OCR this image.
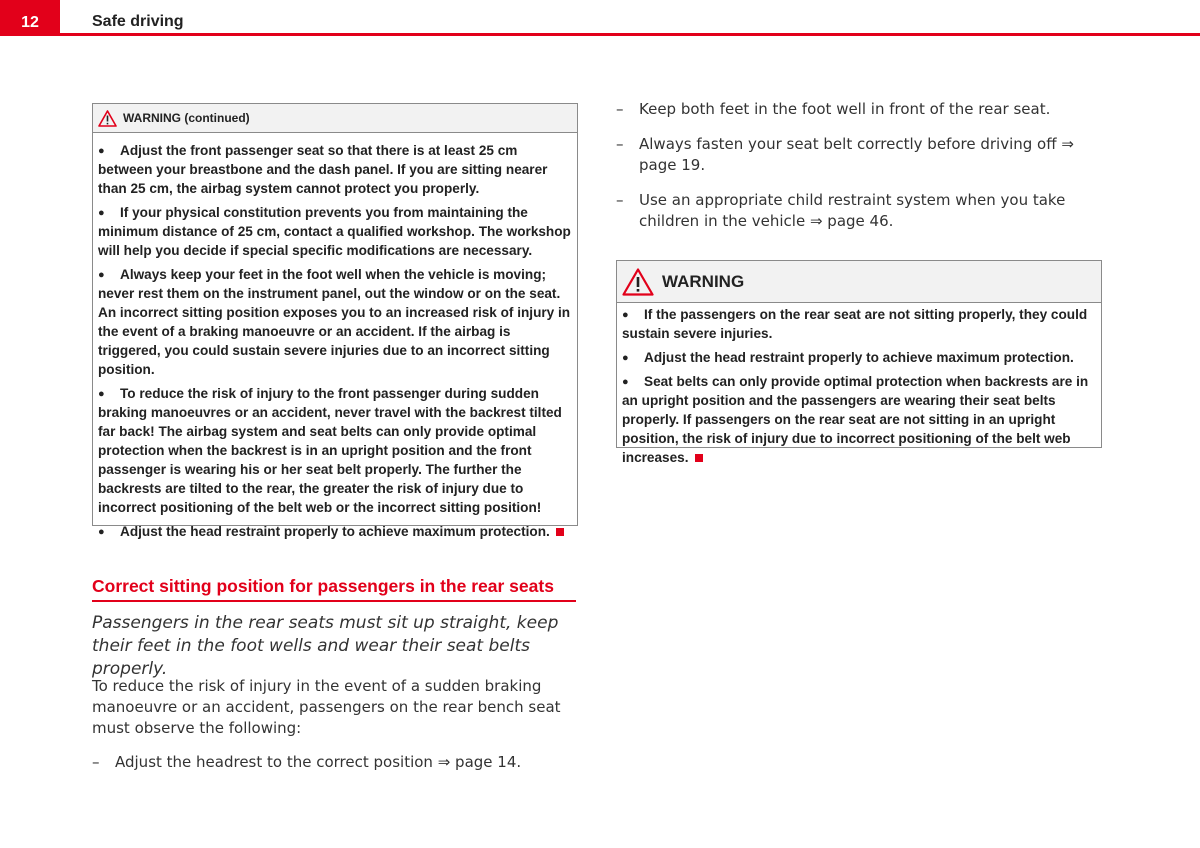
12	Safe driving
WARNING (continued)

●Adjust the front passenger seat so that there is at least 25 cm between your breastbone and the dash panel. If you are sitting nearer than 25 cm, the airbag system cannot protect you properly.

●If your physical constitution prevents you from maintaining the minimum distance of 25 cm, contact a qualified workshop. The workshop will help you decide if special specific modifications are necessary.

●Always keep your feet in the foot well when the vehicle is moving; never rest them on the instrument panel, out the window or on the seat. An incorrect sitting position exposes you to an increased risk of injury in the event of a braking manoeuvre or an accident. If the airbag is triggered, you could sustain severe injuries due to an incorrect sitting position.

●To reduce the risk of injury to the front passenger during sudden braking manoeuvres or an accident, never travel with the backrest tilted far back! The airbag system and seat belts can only provide optimal protection when the backrest is in an upright position and the front passenger is wearing his or her seat belt properly. The further the backrests are tilted to the rear, the greater the risk of injury due to incorrect positioning of the belt web or the incorrect sitting position!

●Adjust the head restraint properly to achieve maximum protection.

Correct sitting position for passengers in the rear seats
Passengers in the rear seats must sit up straight, keep their feet in the foot wells and wear their seat belts properly.
To reduce the risk of injury in the event of a sudden braking manoeuvre or an accident, passengers on the rear bench seat must observe the following:
– Adjust the headrest to the correct position ⇒ page 14.
– Keep both feet in the foot well in front of the rear seat.
– Always fasten your seat belt correctly before driving off ⇒ page 19.
– Use an appropriate child restraint system when you take children in the vehicle ⇒ page 46.
WARNING

●If the passengers on the rear seat are not sitting properly, they could sustain severe injuries.

●Adjust the head restraint properly to achieve maximum protection.

●Seat belts can only provide optimal protection when backrests are in an upright position and the passengers are wearing their seat belts properly. If passengers on the rear seat are not sitting in an upright position, the risk of injury due to incorrect positioning of the belt web increases.
